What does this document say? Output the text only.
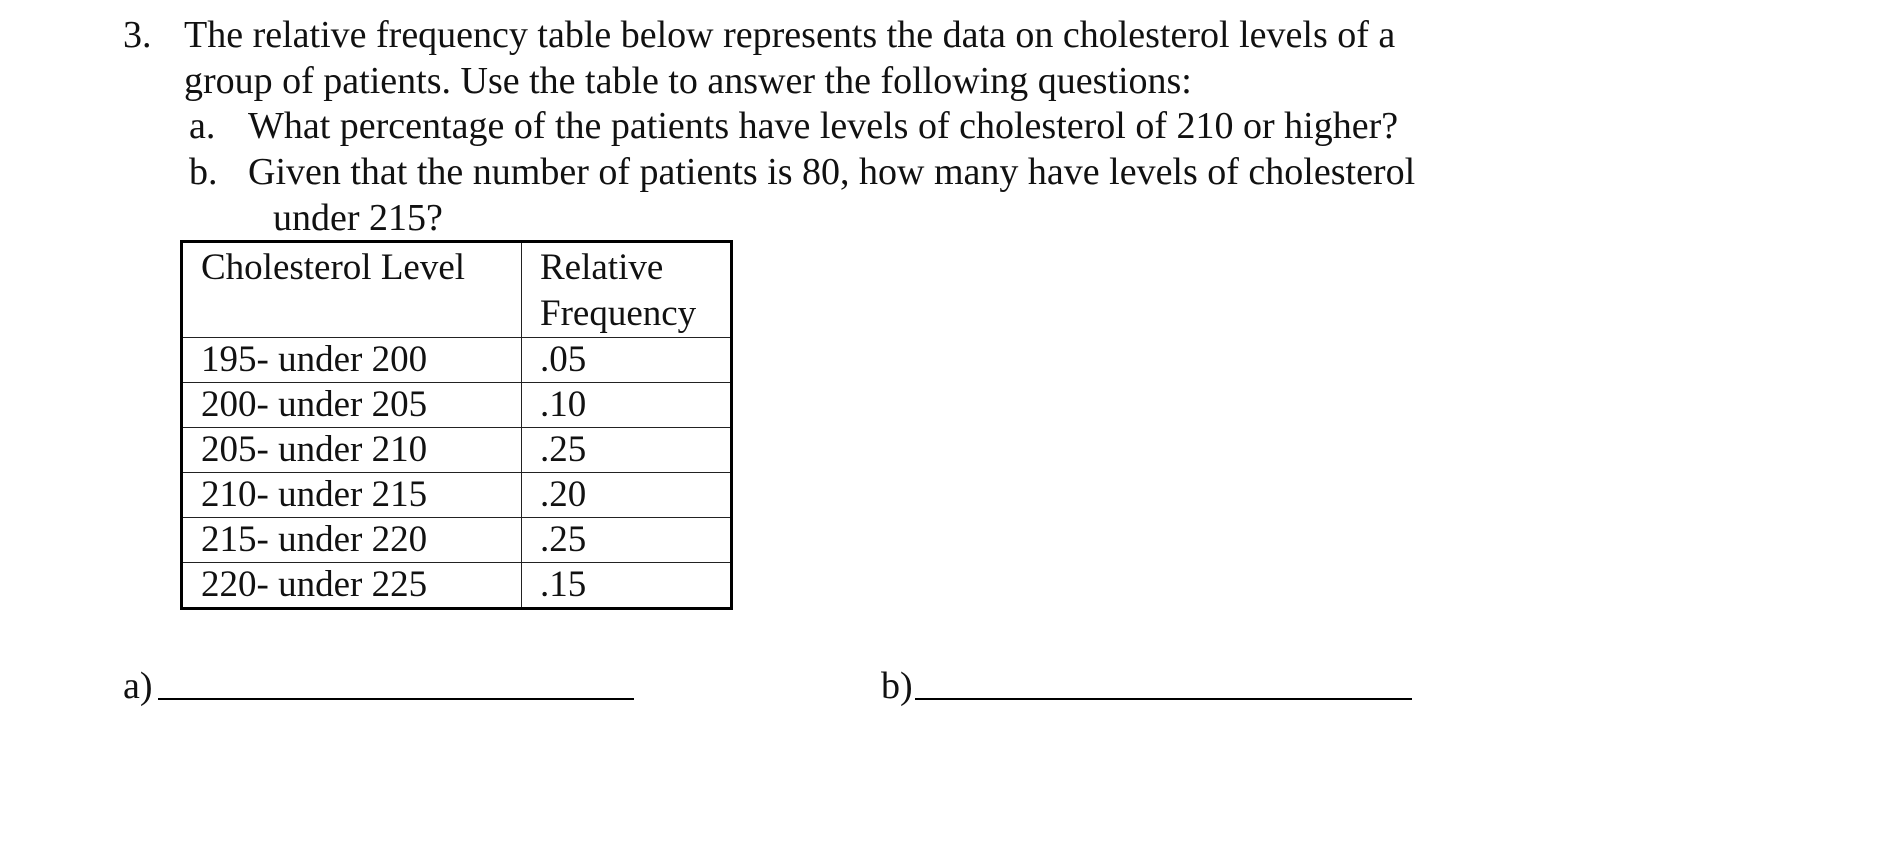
3. The relative frequency table below represents the data on cholesterol levels of a
group of patients. Use the table to answer the following questions:
a. What percentage of the patients have levels of cholesterol of 210 or higher?
b. Given that the number of patients is 80, how many have levels of cholesterol
under 215?
Cholesterol Level	Relative
Frequency
195- under 200	.05
200- under 205	.10
205- under 210	.25
210- under 215	.20
215- under 220	.25
220- under 225	.15
a)	b)
